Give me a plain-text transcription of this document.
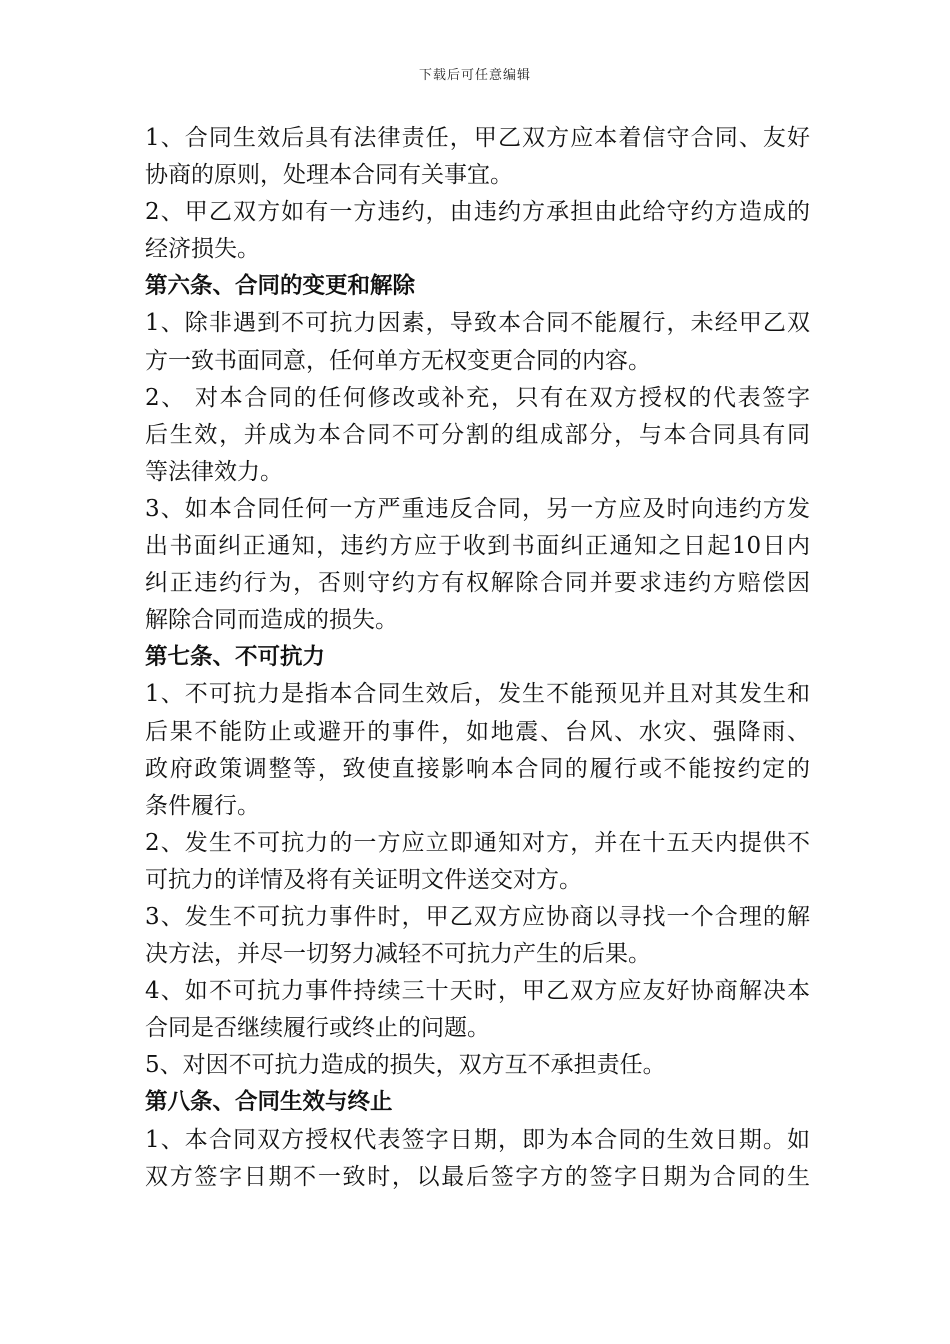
下载后可任意编辑
1、合同生效后具有法律责任，甲乙双方应本着信守合同、友好
协商的原则，处理本合同有关事宜。
2、甲乙双方如有一方违约，由违约方承担由此给守约方造成的
经济损失。
第六条、合同的变更和解除
1、除非遇到不可抗力因素，导致本合同不能履行，未经甲乙双
方一致书面同意，任何单方无权变更合同的内容。
2、 对本合同的任何修改或补充，只有在双方授权的代表签字
后生效，并成为本合同不可分割的组成部分，与本合同具有同
等法律效力。
3、如本合同任何一方严重违反合同，另一方应及时向违约方发
出书面纠正通知，违约方应于收到书面纠正通知之日起10日内
纠正违约行为，否则守约方有权解除合同并要求违约方赔偿因
解除合同而造成的损失。
第七条、不可抗力
1、不可抗力是指本合同生效后，发生不能预见并且对其发生和
后果不能防止或避开的事件，如地震、台风、水灾、强降雨、
政府政策调整等，致使直接影响本合同的履行或不能按约定的
条件履行。
2、发生不可抗力的一方应立即通知对方，并在十五天内提供不
可抗力的详情及将有关证明文件送交对方。
3、发生不可抗力事件时，甲乙双方应协商以寻找一个合理的解
决方法，并尽一切努力减轻不可抗力产生的后果。
4、如不可抗力事件持续三十天时，甲乙双方应友好协商解决本
合同是否继续履行或终止的问题。
5、对因不可抗力造成的损失，双方互不承担责任。
第八条、合同生效与终止
1、本合同双方授权代表签字日期，即为本合同的生效日期。如
双方签字日期不一致时，以最后签字方的签字日期为合同的生
